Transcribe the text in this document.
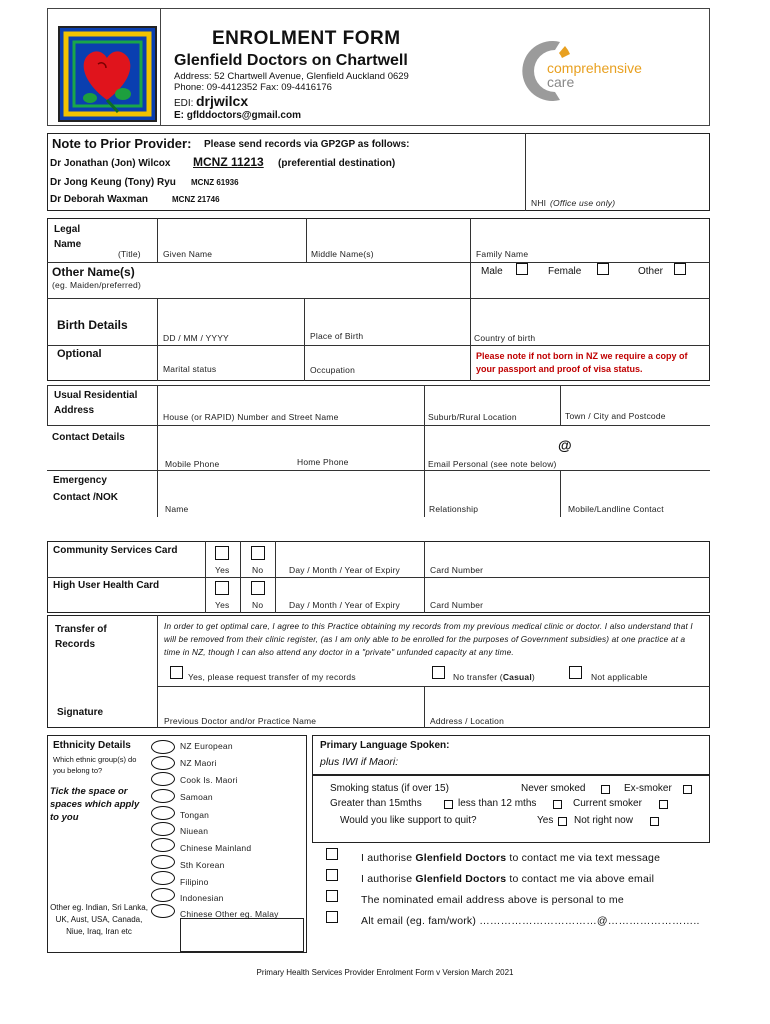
ENROLMENT FORM
Glenfield Doctors on Chartwell
Address: 52 Chartwell Avenue, Glenfield Auckland 0629
Phone: 09-4412352 Fax: 09-4416176
EDI: drjwilcx
E: gflddoctors@gmail.com
comprehensive
care
Note to Prior Provider: Please send records via GP2GP as follows:
Dr Jonathan (Jon) Wilcox MCNZ 11213 (preferential destination)
Dr Jong Keung (Tony) Ryu MCNZ 61936
Dr Deborah Waxman	MCNZ 21746	NHI (Office use only)
Legal Name
(Title)	Given Name	Middle Name(s)	Family Name
Other Name(s)
(eg. Maiden/preferred)
Male	Female	Other
Birth Details
DD / MM / YYYY	Place of Birth	Country of birth
Optional
Marital status	Occupation
Please note if not born in NZ we require a copy of your passport and proof of visa status.
Usual Residential Address
House (or RAPID) Number and Street Name	Suburb/Rural Location	Town / City and Postcode
Contact Details	@
Mobile Phone	Home Phone	Email Personal (see note below)
Emergency
Contact /NOK
Name	Relationship	Mobile/Landline Contact
Community Services Card
Yes	No	Day / Month / Year of Expiry	Card Number
High User Health Card
Yes	No	Day / Month / Year of Expiry	Card Number
Transfer of
Records
In order to get optimal care, I agree to this Practice obtaining my records from my previous medical clinic or doctor. I also understand that I will be removed from their clinic register, (as I am only able to be enrolled for the purposes of Government subsidies) at one practice at a time in NZ, though I can also attend any doctor in a "private" unfunded capacity at any time.
Yes, please request transfer of my records	No transfer (Casual)	Not applicable
Signature
Previous Doctor and/or Practice Name	Address / Location
Ethnicity Details
Which ethnic group(s) do you belong to?
Tick the space or spaces which apply to you
Other eg. Indian, Sri Lanka, UK, Aust, USA, Canada, Niue, Iraq, Iran etc
NZ European
NZ Maori
Cook Is. Maori
Samoan
Tongan
Niuean
Chinese Mainland
Sth Korean
Filipino
Indonesian
Chinese Other eg. Malay
Primary Language Spoken:
plus IWI if Maori:
Smoking status (if over 15)	Never smoked	Ex-smoker
Greater than 15mths	less than 12 mths	Current smoker
Would you like support to quit?	Yes Not right now
I authorise Glenfield Doctors to contact me via text message
I authorise Glenfield Doctors to contact me via above email
The nominated email address above is personal to me
Alt email (eg. fam/work) ……………………………@……………………..
Primary Health Services Provider Enrolment Form v Version March 2021
